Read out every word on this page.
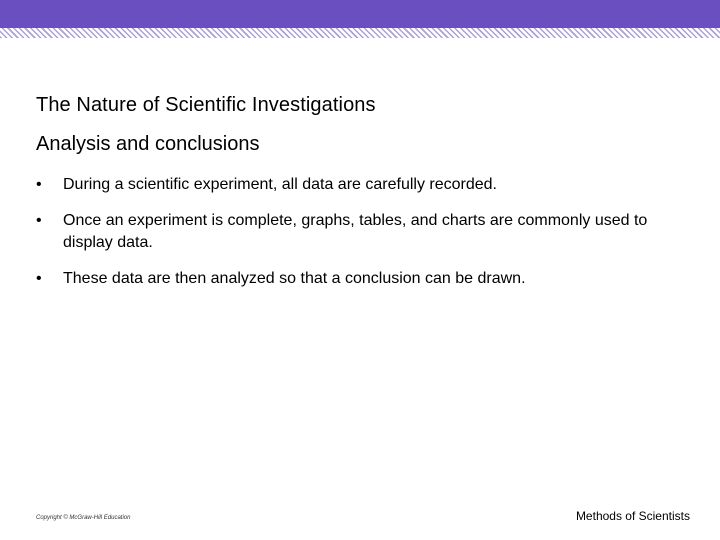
The Nature of Scientific Investigations
Analysis and conclusions
•	During a scientific experiment, all data are carefully recorded.
•	Once an experiment is complete, graphs, tables, and charts are commonly used to display data.
•	These data are then analyzed so that a conclusion can be drawn.
Copyright © McGraw-Hill Education	Methods of Scientists
